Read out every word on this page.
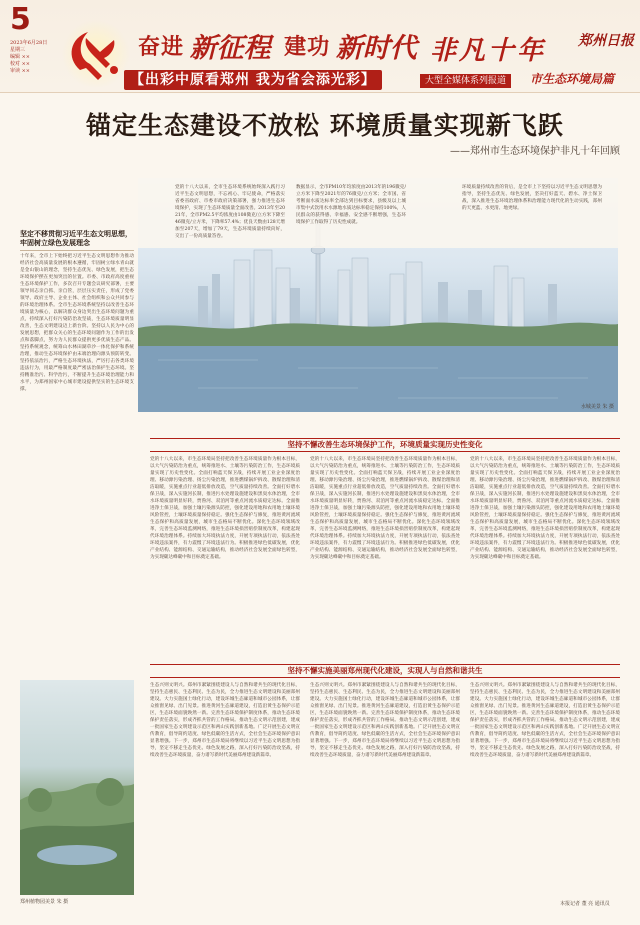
5
2023年6月28日
星期三
编辑 ××
校对 ××
审读 ××
奋进 新征程 建功 新时代 非凡十年 郑州日报
【出彩中原看郑州 我为省会添光彩】	大型全媒体系列报道	市生态环境局篇
锚定生态建设不放松 环境质量实现新飞跃
——郑州市生态环境保护非凡十年回顾
水城美景 朱 摄
党的十八大以来，全市生态环境系统始终深入践行习近平生态文明思想，不忘初心、牢记使命，严格落实省委省政府、市委市政府决策部署，强力推进生态环境保护，实现了生态环境质量全面改善。2013年至2021年，全市PM2.5平均浓度由108微克/立方米下降至46微克/立方米，下降率57.4%；优良天数由128天增加至207天，增加了79天，生态环境质量持续向好，交出了一份高质量答卷。
数据显示，全市PM10年均浓度由2013年的196微克/立方米下降至2021年的76微克/立方米；全市国、省考断面水质达标率全部达到目标要求，县级及以上城市集中式饮用水水源地水质达标率稳定保持100%，人民群众的获得感、幸福感、安全感不断增强，生态环境保护工作取得了历史性成就。
环境质量持续改善的背后，是全市上下坚持以习近平生态文明思想为指导，坚持生态优先、绿色发展，坚决打好蓝天、碧水、净土保卫战，深入推进生态环境治理体系和治理能力现代化的生动实践，郑州的天更蓝、水更清、地更绿。
坚定不移贯彻习近平生态文明思想，牢固树立绿色发展理念
十年来，全市上下始终把习近平生态文明思想作为推动经济社会高质量发展的根本遵循，牢固树立绿水青山就是金山银山的理念，坚持生态优先、绿色发展，把生态环境保护摆在更加突出的位置。市委、市政府高度重视生态环境保护工作，多次召开专题会议研究部署，主要领导同志亲自抓、亲自管，层层压实责任，形成了党委领导、政府主导、企业主体、社会组织和公众共同参与的环境治理体系。全市生态环境系统坚持以改善生态环境质量为核心，以解决群众身边突出生态环境问题为重点，持续深入打好污染防治攻坚战，生态环境质量明显改善，生态文明建设迈上新台阶。坚持以人民为中心的发展思想，把群众关心的生态环境问题作为工作的出发点和落脚点，努力为人民群众提供更多优质生态产品。坚持系统观念，统筹山水林田湖草沙一体化保护和系统治理，推动生态环境保护由末端治理向源头预防转变。坚持依法治污，严格生态环境执法，严厉打击各类环境违法行为，用最严格制度最严密法治保护生态环境。坚持精准治污、科学治污，不断提升生态环境治理能力和水平，为郑州国家中心城市建设提供坚实的生态环境支撑。
坚持不懈改善生态环境保护工作，环境质量实现历史性变化
党的十八大以来，市生态环境局坚持把改善生态环境质量作为根本目标，以大气污染防治为重点，统筹推进水、土壤等污染防治工作，生态环境质量实现了历史性变化。全面打响蓝天保卫战，持续开展工业企业深度治理、移动源污染治理、扬尘污染治理，推进燃煤锅炉拆改、散煤治理和清洁取暖，实施重点行业超低排放改造，空气质量持续改善。全面打好碧水保卫战，深入实施河长制，推进污水处理设施建设和黑臭水体治理，全市水环境质量明显好转，贾鲁河、双洎河等重点河流水质稳定达标。全面推进净土保卫战，加强土壤污染源头防控，强化建设用地和农用地土壤环境风险管控，土壤环境质量保持稳定。强化生态保护与修复，推进黄河流域生态保护和高质量发展，城市生态格局不断优化。深化生态环境领域改革，完善生态环境监测网络，推进生态环境损害赔偿制度改革，构建起现代环境治理体系。持续加大环境执法力度，开展专项执法行动，依法查处环境违法案件，有力震慑了环境违法行为。积极推进绿色低碳发展，优化产业结构、能源结构、交通运输结构，推动经济社会发展全面绿色转型，为实现碳达峰碳中和目标奠定基础。
党的十八大以来，市生态环境局坚持把改善生态环境质量作为根本目标，以大气污染防治为重点，统筹推进水、土壤等污染防治工作，生态环境质量实现了历史性变化。全面打响蓝天保卫战，持续开展工业企业深度治理、移动源污染治理、扬尘污染治理，推进燃煤锅炉拆改、散煤治理和清洁取暖，实施重点行业超低排放改造，空气质量持续改善。全面打好碧水保卫战，深入实施河长制，推进污水处理设施建设和黑臭水体治理，全市水环境质量明显好转，贾鲁河、双洎河等重点河流水质稳定达标。全面推进净土保卫战，加强土壤污染源头防控，强化建设用地和农用地土壤环境风险管控，土壤环境质量保持稳定。强化生态保护与修复，推进黄河流域生态保护和高质量发展，城市生态格局不断优化。深化生态环境领域改革，完善生态环境监测网络，推进生态环境损害赔偿制度改革，构建起现代环境治理体系。持续加大环境执法力度，开展专项执法行动，依法查处环境违法案件，有力震慑了环境违法行为。积极推进绿色低碳发展，优化产业结构、能源结构、交通运输结构，推动经济社会发展全面绿色转型，为实现碳达峰碳中和目标奠定基础。
党的十八大以来，市生态环境局坚持把改善生态环境质量作为根本目标，以大气污染防治为重点，统筹推进水、土壤等污染防治工作，生态环境质量实现了历史性变化。全面打响蓝天保卫战，持续开展工业企业深度治理、移动源污染治理、扬尘污染治理，推进燃煤锅炉拆改、散煤治理和清洁取暖，实施重点行业超低排放改造，空气质量持续改善。全面打好碧水保卫战，深入实施河长制，推进污水处理设施建设和黑臭水体治理，全市水环境质量明显好转，贾鲁河、双洎河等重点河流水质稳定达标。全面推进净土保卫战，加强土壤污染源头防控，强化建设用地和农用地土壤环境风险管控，土壤环境质量保持稳定。强化生态保护与修复，推进黄河流域生态保护和高质量发展，城市生态格局不断优化。深化生态环境领域改革，完善生态环境监测网络，推进生态环境损害赔偿制度改革，构建起现代环境治理体系。持续加大环境执法力度，开展专项执法行动，依法查处环境违法案件，有力震慑了环境违法行为。积极推进绿色低碳发展，优化产业结构、能源结构、交通运输结构，推动经济社会发展全面绿色转型，为实现碳达峰碳中和目标奠定基础。
坚持不懈实施美丽郑州现代化建设，实现人与自然和谐共生
生态兴则文明兴。郑州市紧紧围绕建设人与自然和谐共生的现代化目标，坚持生态惠民、生态利民、生态为民，全力推进生态文明建设和美丽郑州建设。大力实施国土绿化行动，建设环城生态廊道和城市公园体系，让群众推窗见绿、出门见景。推进黄河生态廊道建设，打造沿黄生态保护示范区，生态环境面貌焕然一新。完善生态环境保护制度体系，推动生态环境保护责任落实，形成齐抓共管的工作格局。推动生态文明示范创建，建成一批国家生态文明建设示范区和两山实践创新基地。广泛开展生态文明宣传教育，倡导简约适度、绿色低碳的生活方式，全社会生态环境保护意识显著增强。下一步，郑州市生态环境局将继续以习近平生态文明思想为指导，坚定不移走生态优先、绿色发展之路，深入打好污染防治攻坚战，持续改善生态环境质量，奋力谱写新时代美丽郑州建设新篇章。
生态兴则文明兴。郑州市紧紧围绕建设人与自然和谐共生的现代化目标，坚持生态惠民、生态利民、生态为民，全力推进生态文明建设和美丽郑州建设。大力实施国土绿化行动，建设环城生态廊道和城市公园体系，让群众推窗见绿、出门见景。推进黄河生态廊道建设，打造沿黄生态保护示范区，生态环境面貌焕然一新。完善生态环境保护制度体系，推动生态环境保护责任落实，形成齐抓共管的工作格局。推动生态文明示范创建，建成一批国家生态文明建设示范区和两山实践创新基地。广泛开展生态文明宣传教育，倡导简约适度、绿色低碳的生活方式，全社会生态环境保护意识显著增强。下一步，郑州市生态环境局将继续以习近平生态文明思想为指导，坚定不移走生态优先、绿色发展之路，深入打好污染防治攻坚战，持续改善生态环境质量，奋力谱写新时代美丽郑州建设新篇章。
生态兴则文明兴。郑州市紧紧围绕建设人与自然和谐共生的现代化目标，坚持生态惠民、生态利民、生态为民，全力推进生态文明建设和美丽郑州建设。大力实施国土绿化行动，建设环城生态廊道和城市公园体系，让群众推窗见绿、出门见景。推进黄河生态廊道建设，打造沿黄生态保护示范区，生态环境面貌焕然一新。完善生态环境保护制度体系，推动生态环境保护责任落实，形成齐抓共管的工作格局。推动生态文明示范创建，建成一批国家生态文明建设示范区和两山实践创新基地。广泛开展生态文明宣传教育，倡导简约适度、绿色低碳的生活方式，全社会生态环境保护意识显著增强。下一步，郑州市生态环境局将继续以习近平生态文明思想为指导，坚定不移走生态优先、绿色发展之路，深入打好污染防治攻坚战，持续改善生态环境质量，奋力谱写新时代美丽郑州建设新篇章。
本报记者 董 亮 通讯员
郑州植物园美景 朱 摄
